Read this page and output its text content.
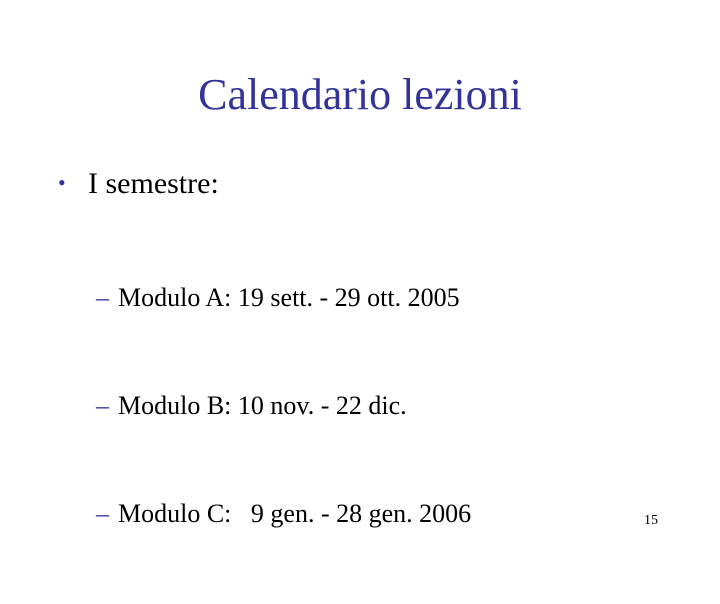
Calendario lezioni
• I semestre:

– Modulo A: 19 sett. - 29 ott. 2005

– Modulo B: 10 nov. - 22 dic.

– Modulo C:   9 gen. - 28 gen. 2006

	15
